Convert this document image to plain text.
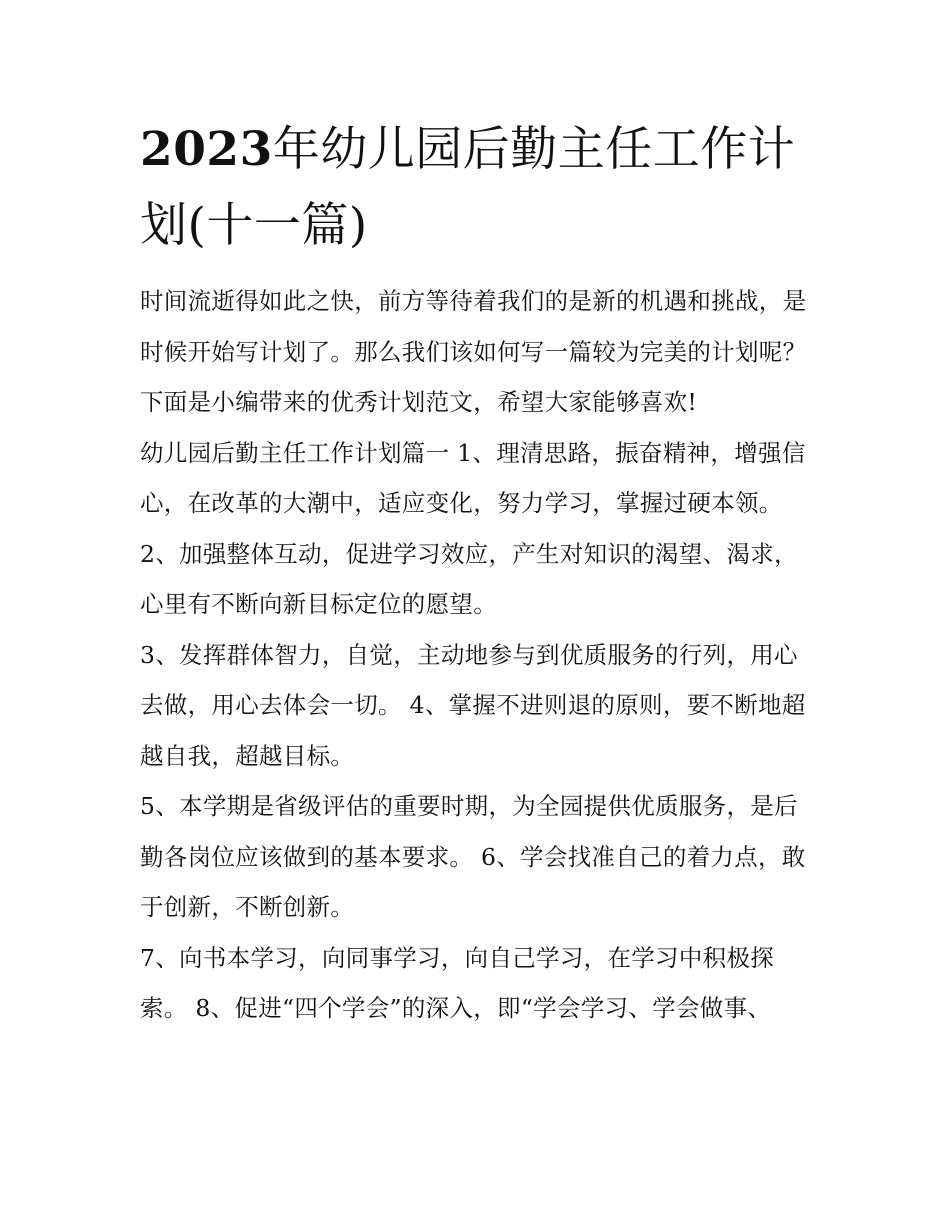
2023年幼儿园后勤主任工作计划(十一篇)

时间流逝得如此之快，前方等待着我们的是新的机遇和挑战，是时候开始写计划了。那么我们该如何写一篇较为完美的计划呢？下面是小编带来的优秀计划范文，希望大家能够喜欢!

幼儿园后勤主任工作计划篇一 1、理清思路，振奋精神，增强信心，在改革的大潮中，适应变化，努力学习，掌握过硬本领。

2、加强整体互动，促进学习效应，产生对知识的渴望、渴求，心里有不断向新目标定位的愿望。

3、发挥群体智力，自觉，主动地参与到优质服务的行列，用心去做，用心去体会一切。 4、掌握不进则退的原则，要不断地超越自我，超越目标。

5、本学期是省级评估的重要时期，为全园提供优质服务，是后勤各岗位应该做到的基本要求。 6、学会找准自己的着力点，敢于创新，不断创新。

7、向书本学习，向同事学习，向自己学习，在学习中积极探索。 8、促进“四个学会”的深入，即“学会学习、学会做事、
